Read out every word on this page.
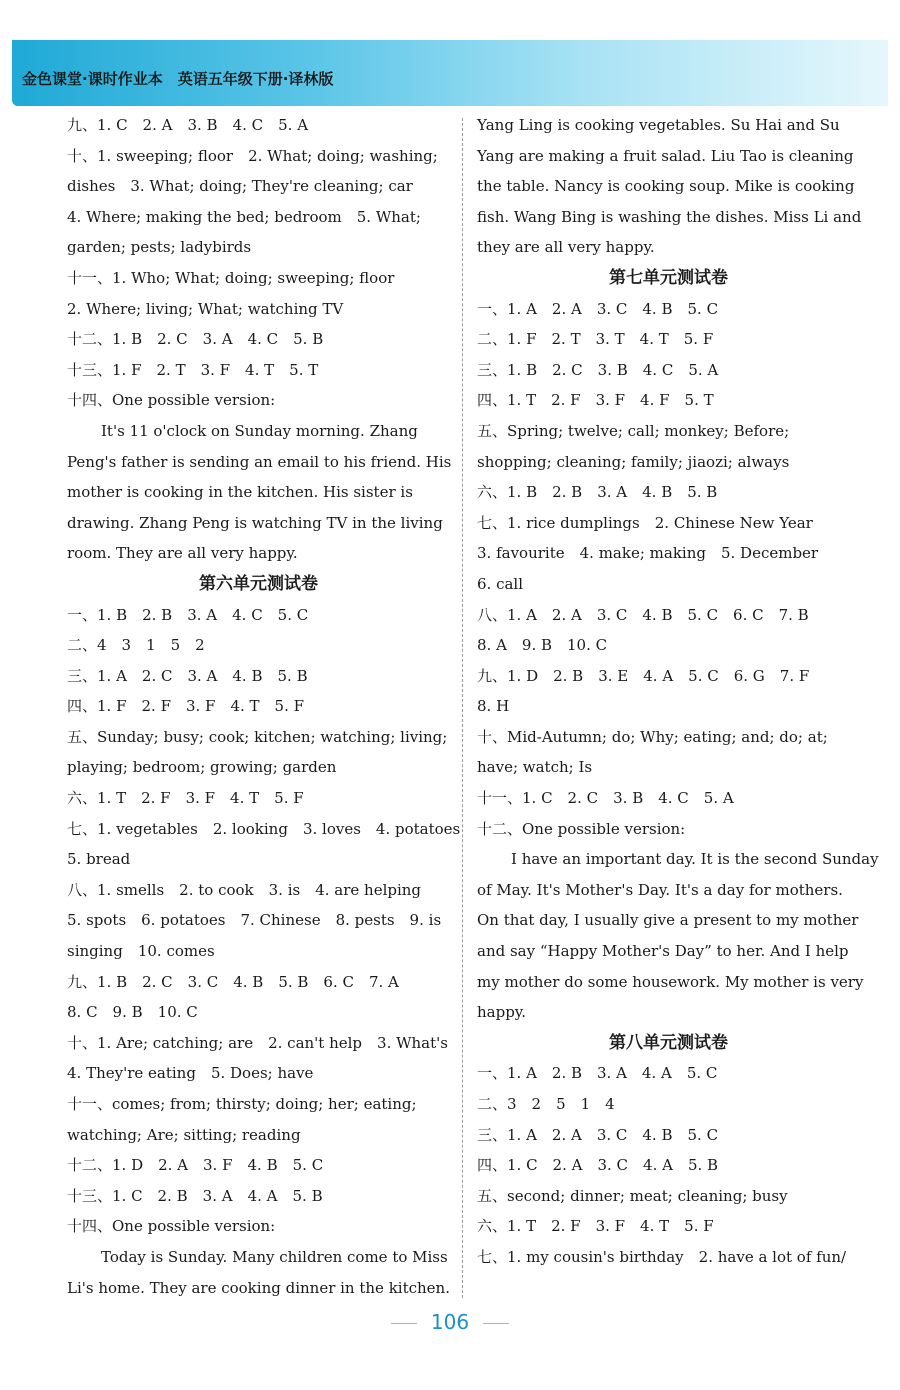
金色课堂·课时作业本　英语五年级下册·译林版
九、1. C　2. A　3. B　4. C　5. A
十、1. sweeping; floor　2. What; doing; washing;
dishes　3. What; doing; They're cleaning; car
4. Where; making the bed; bedroom　5. What;
garden; pests; ladybirds
十一、1. Who; What; doing; sweeping; floor
2. Where; living; What; watching TV
十二、1. B　2. C　3. A　4. C　5. B
十三、1. F　2. T　3. F　4. T　5. T
十四、One possible version:
It's 11 o'clock on Sunday morning. Zhang
Peng's father is sending an email to his friend. His
mother is cooking in the kitchen. His sister is
drawing. Zhang Peng is watching TV in the living
room. They are all very happy.
第六单元测试卷
一、1. B　2. B　3. A　4. C　5. C
二、4　3　1　5　2
三、1. A　2. C　3. A　4. B　5. B
四、1. F　2. F　3. F　4. T　5. F
五、Sunday; busy; cook; kitchen; watching; living;
playing; bedroom; growing; garden
六、1. T　2. F　3. F　4. T　5. F
七、1. vegetables　2. looking　3. loves　4. potatoes
5. bread
八、1. smells　2. to cook　3. is　4. are helping
5. spots　6. potatoes　7. Chinese　8. pests　9. is
singing　10. comes
九、1. B　2. C　3. C　4. B　5. B　6. C　7. A
8. C　9. B　10. C
十、1. Are; catching; are　2. can't help　3. What's
4. They're eating　5. Does; have
十一、comes; from; thirsty; doing; her; eating;
watching; Are; sitting; reading
十二、1. D　2. A　3. F　4. B　5. C
十三、1. C　2. B　3. A　4. A　5. B
十四、One possible version:
Today is Sunday. Many children come to Miss
Li's home. They are cooking dinner in the kitchen.
Yang Ling is cooking vegetables. Su Hai and Su
Yang are making a fruit salad. Liu Tao is cleaning
the table. Nancy is cooking soup. Mike is cooking
fish. Wang Bing is washing the dishes. Miss Li and
they are all very happy.
第七单元测试卷
一、1. A　2. A　3. C　4. B　5. C
二、1. F　2. T　3. T　4. T　5. F
三、1. B　2. C　3. B　4. C　5. A
四、1. T　2. F　3. F　4. F　5. T
五、Spring; twelve; call; monkey; Before;
shopping; cleaning; family; jiaozi; always
六、1. B　2. B　3. A　4. B　5. B
七、1. rice dumplings　2. Chinese New Year
3. favourite　4. make; making　5. December
6. call
八、1. A　2. A　3. C　4. B　5. C　6. C　7. B
8. A　9. B　10. C
九、1. D　2. B　3. E　4. A　5. C　6. G　7. F
8. H
十、Mid-Autumn; do; Why; eating; and; do; at;
have; watch; Is
十一、1. C　2. C　3. B　4. C　5. A
十二、One possible version:
I have an important day. It is the second Sunday
of May. It's Mother's Day. It's a day for mothers.
On that day, I usually give a present to my mother
and say “Happy Mother's Day” to her. And I help
my mother do some housework. My mother is very
happy.
第八单元测试卷
一、1. A　2. B　3. A　4. A　5. C
二、3　2　5　1　4
三、1. A　2. A　3. C　4. B　5. C
四、1. C　2. A　3. C　4. A　5. B
五、second; dinner; meat; cleaning; busy
六、1. T　2. F　3. F　4. T　5. F
七、1. my cousin's birthday　2. have a lot of fun/
106
